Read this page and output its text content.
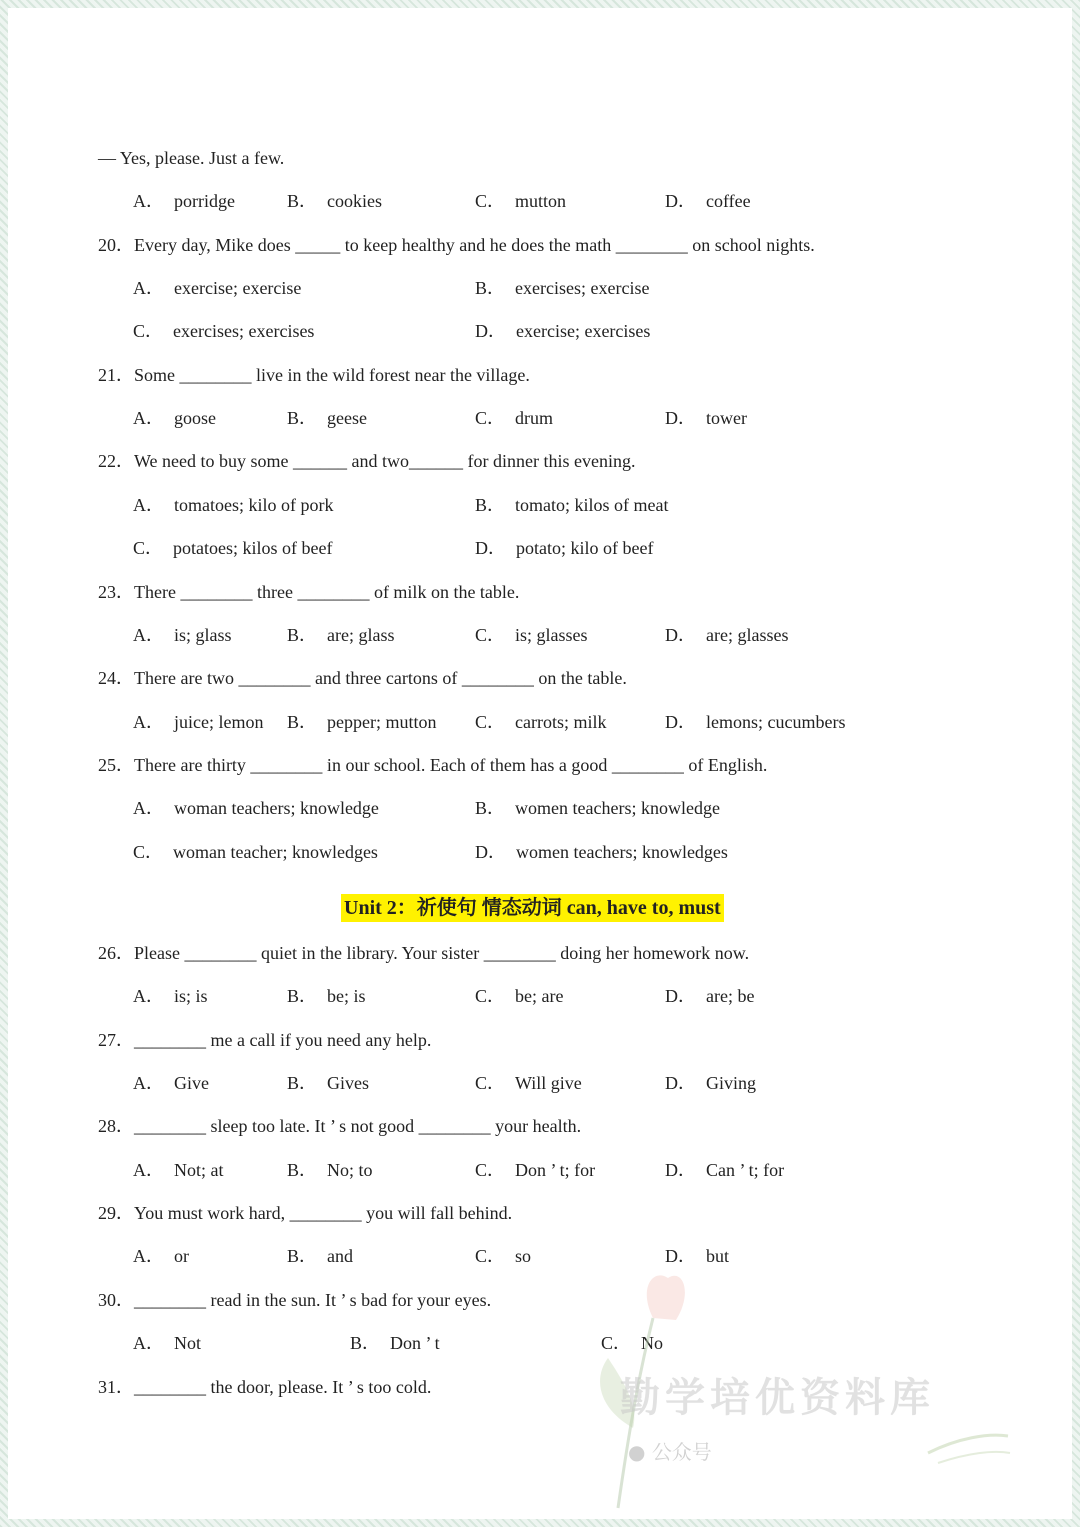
— Yes, please. Just a few.
A． porridge	B． cookies	C． mutton	D． coffee
20．Every day, Mike does _____ to keep healthy and he does the math ________ on school nights.
A． exercise; exercise	B． exercises; exercise
C． exercises; exercises	D． exercise; exercises
21．Some ________ live in the wild forest near the village.
A． goose	B． geese	C． drum	D． tower
22．We need to buy some ______ and two______ for dinner this evening.
A． tomatoes; kilo of pork	B． tomato; kilos of meat
C． potatoes; kilos of beef	D． potato; kilo of beef
23．There ________ three ________ of milk on the table.
A． is; glass	B． are; glass	C． is; glasses	D． are; glasses
24．There are two ________ and three cartons of ________ on the table.
A． juice; lemon B． pepper; mutton C． carrots; milk	D． lemons; cucumbers
25．There are thirty ________ in our school. Each of them has a good ________ of English.
A． woman teachers; knowledge	B． women teachers; knowledge
C． woman teacher; knowledges	D． women teachers; knowledges
26．Please ________ quiet in the library. Your sister ________ doing her homework now.
A． is; is	B． be; is	C． be; are	D． are; be
27．________ me a call if you need any help.
A． Give	B． Gives	C． Will give	D． Giving
28．________ sleep too late. It ’ s not good ________ your health.
A． Not; at	B． No; to	C． Don ’ t; for	D． Can ’ t; for
29．You must work hard, ________ you will fall behind.
A． or	B． and	C． so	D． but
30．________ read in the sun. It ’ s bad for your eyes.
A． Not	B． Don ’ t	C． No
31．________ the door, please. It ’ s too cold.
Unit 2：祈使句 情态动词 can, have to, must
勤学培优资料库
● 公众号
